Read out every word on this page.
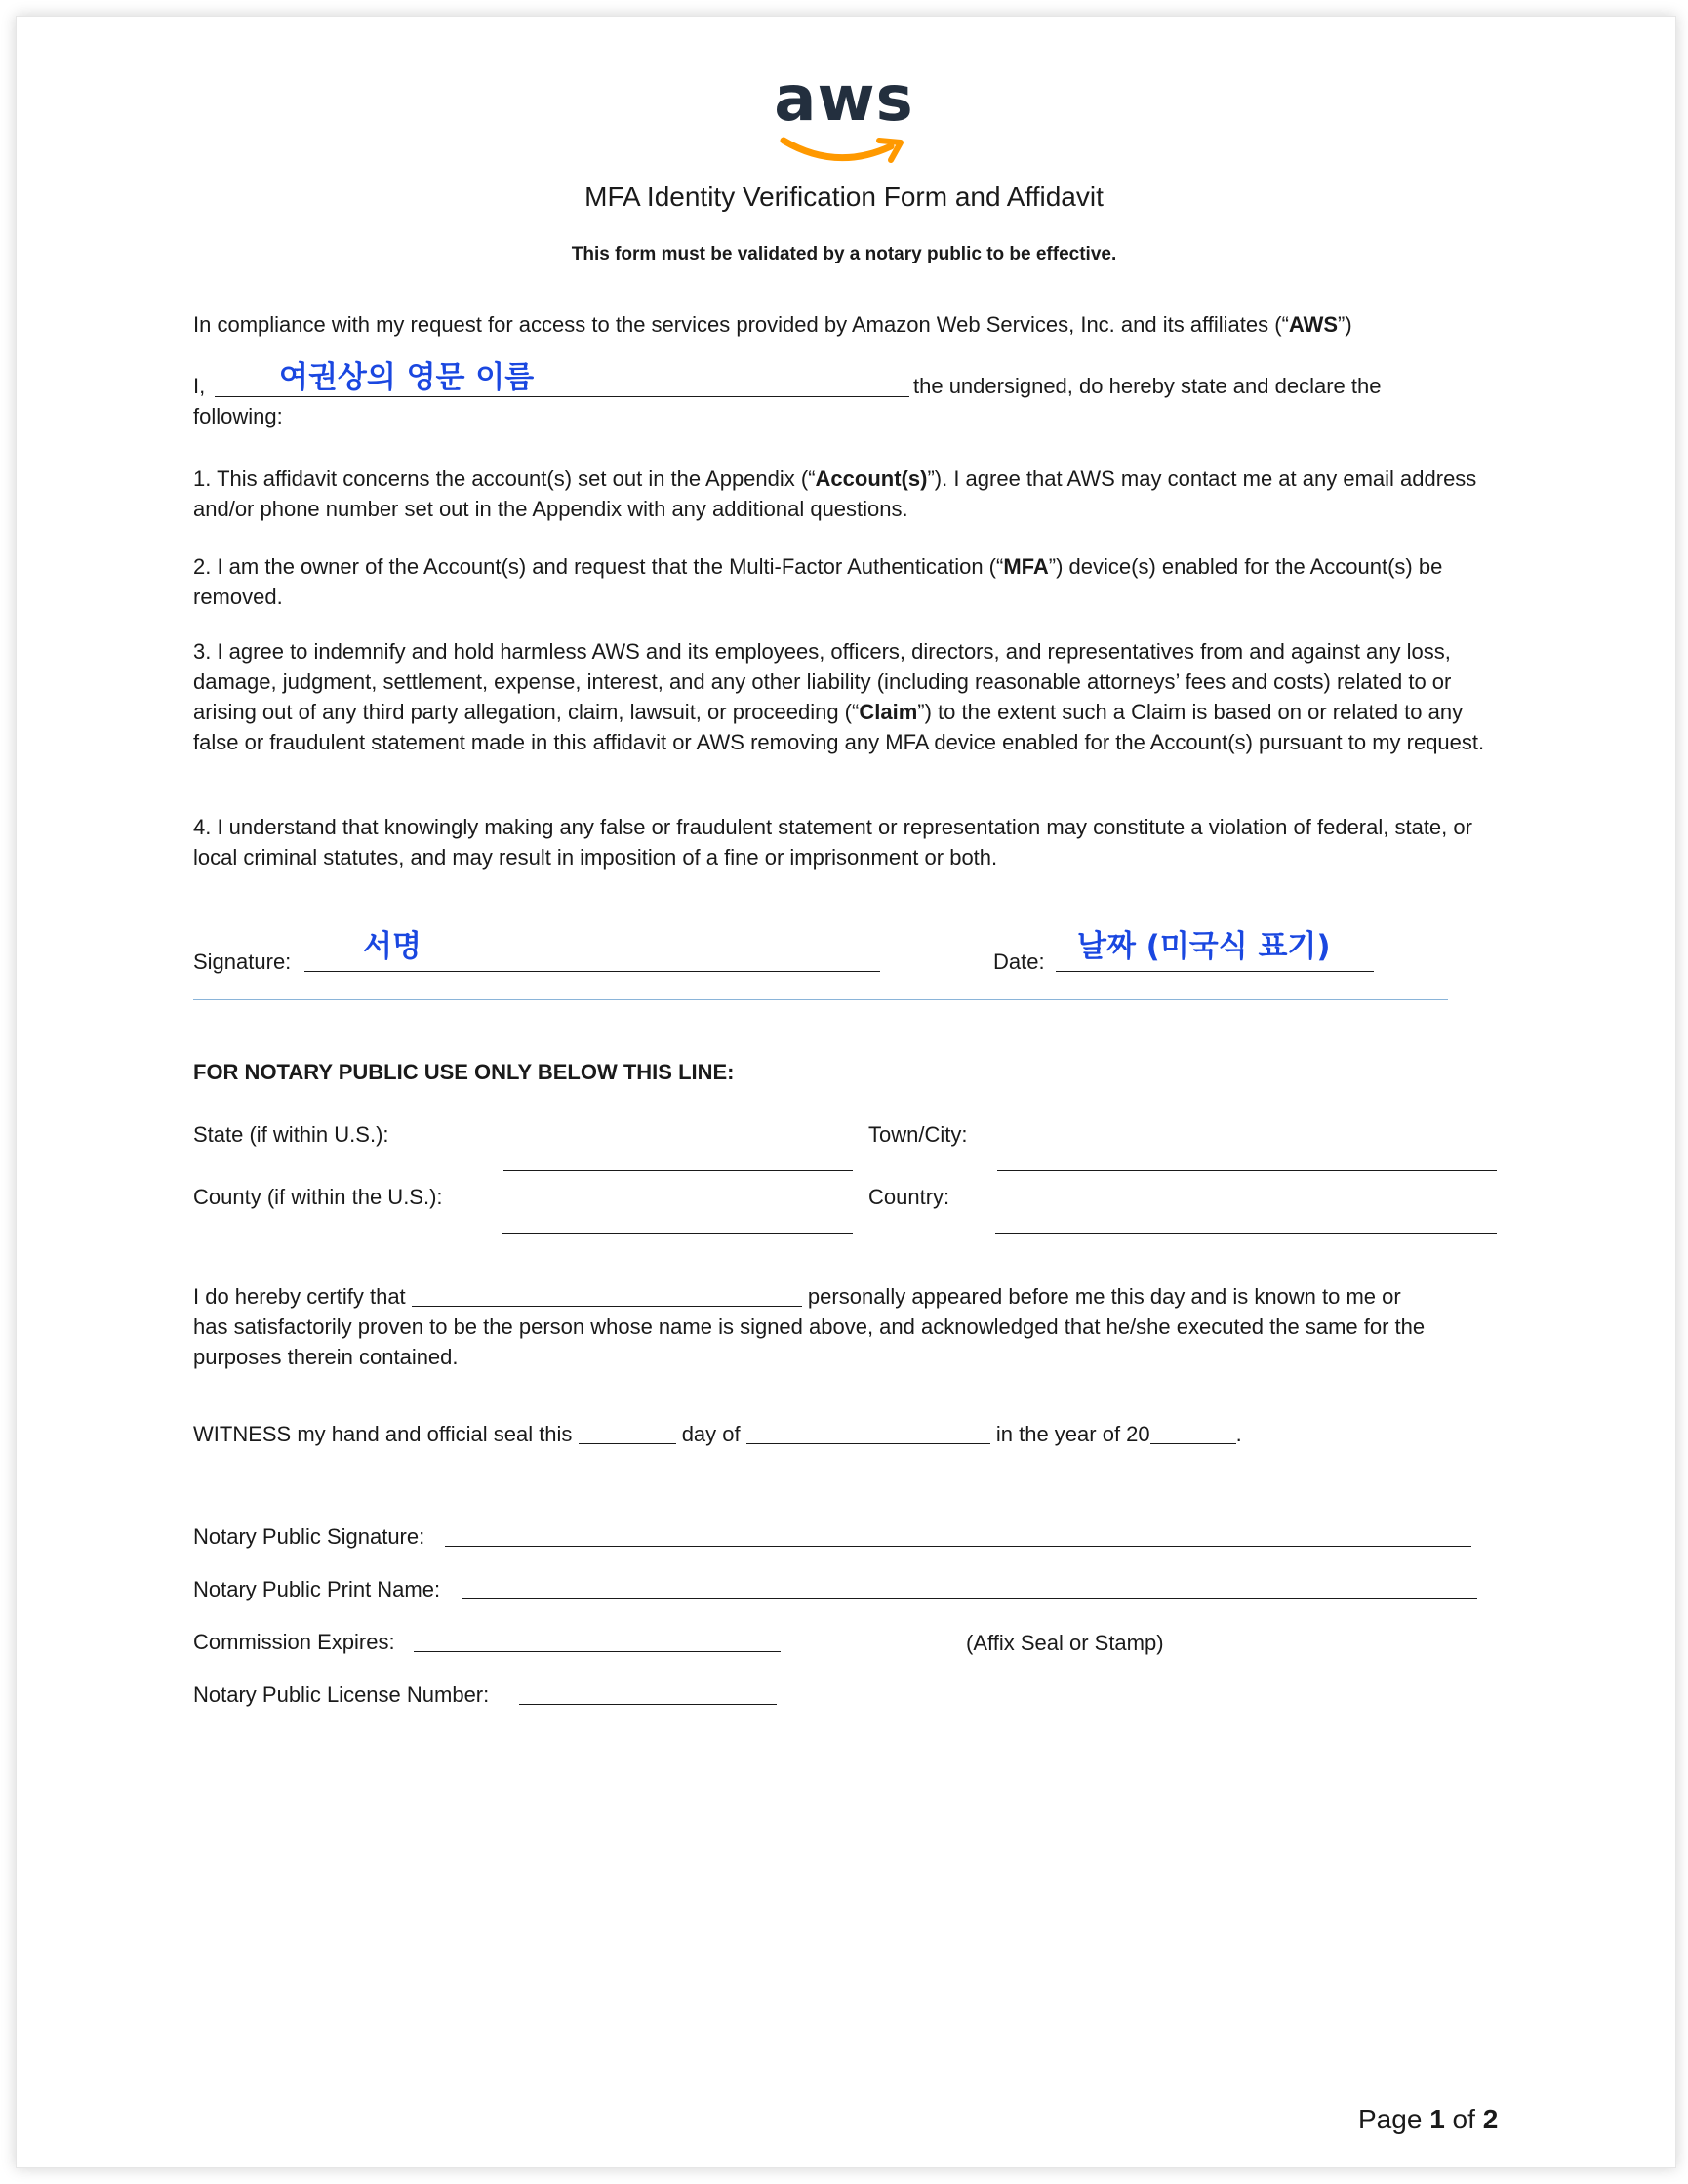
aws
MFA Identity Verification Form and Affidavit
This form must be validated by a notary public to be effective.
In compliance with my request for access to the services provided by Amazon Web Services, Inc. and its affiliates (“AWS”)
I, 여권상의 영문 이름	the undersigned, do hereby state and declare the
following:
1. This affidavit concerns the account(s) set out in the Appendix (“Account(s)”). I agree that AWS may contact me at any email address and/or phone number set out in the Appendix with any additional questions.
2. I am the owner of the Account(s) and request that the Multi-Factor Authentication (“MFA”) device(s) enabled for the Account(s) be removed.
3. I agree to indemnify and hold harmless AWS and its employees, officers, directors, and representatives from and against any loss, damage, judgment, settlement, expense, interest, and any other liability (including reasonable attorneys’ fees and costs) related to or arising out of any third party allegation, claim, lawsuit, or proceeding (“Claim”) to the extent such a Claim is based on or related to any false or fraudulent statement made in this affidavit or AWS removing any MFA device enabled for the Account(s) pursuant to my request.
4. I understand that knowingly making any false or fraudulent statement or representation may constitute a violation of federal, state, or local criminal statutes, and may result in imposition of a fine or imprisonment or both.
Signature: 서명	Date: 날짜 (미국식 표기)
FOR NOTARY PUBLIC USE ONLY BELOW THIS LINE:
State (if within U.S.):	Town/City:
County (if within the U.S.):	Country:
I do hereby certify that	personally appeared before me this day and is known to me or
has satisfactorily proven to be the person whose name is signed above, and acknowledged that he/she executed the same for the purposes therein contained.
WITNESS my hand and official seal this	day of	in the year of 20	.
Notary Public Signature:
Notary Public Print Name:
Commission Expires:	(Affix Seal or Stamp)
Notary Public License Number:
Page 1 of 2
